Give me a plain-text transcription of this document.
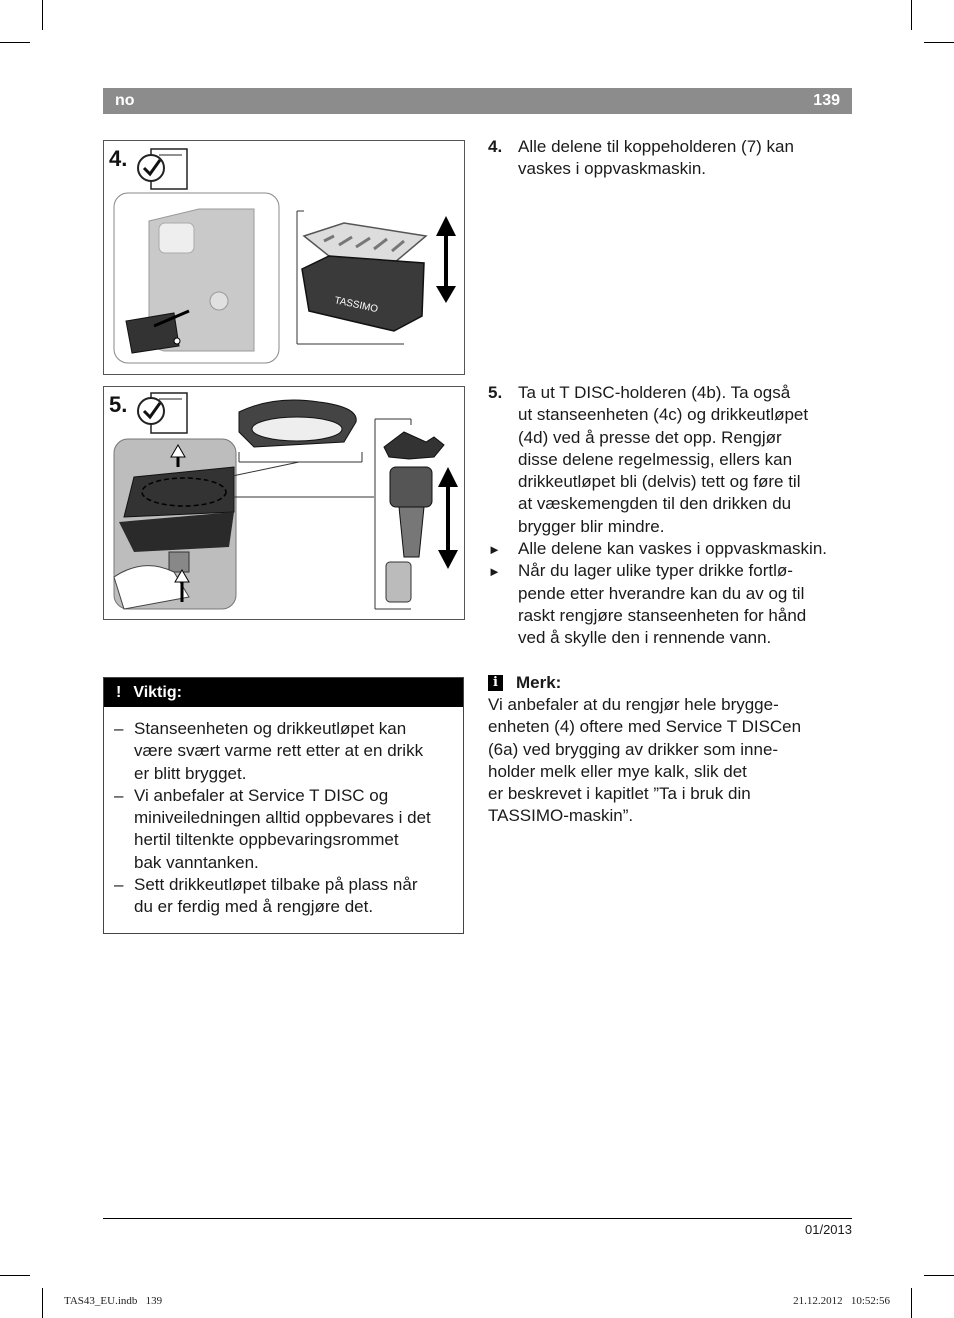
no	139
4.
TASSIMO
5.
4. Alle delene til koppeholderen (7) kan

vaskes i oppvaskmaskin.

5. Ta ut T DISC-holderen (4b). Ta også

ut stanseenheten (4c) og drikkeutløpet

(4d) ved å presse det opp. Rengjør

disse delene regelmessig, ellers kan

drikkeutløpet bli (delvis) tett og føre til

at væskemengden til den drikken du

brygger blir mindre.

► Alle delene kan vaskes i oppvaskmaskin.

► Når du lager ulike typer drikke fortlø-

pende etter hverandre kan du av og til

raskt rengjøre stanseenheten for hånd

ved å skylle den i rennende vann.

! Viktig:
– Stanseenheten og drikkeutløpet kan

være svært varme rett etter at en drikk

er blitt brygget.

– Vi anbefaler at Service T DISC og

miniveiledningen alltid oppbevares i det

hertil tiltenkte oppbevaringsrommet

bak vanntanken.

– Sett drikkeutløpet tilbake på plass når

du er ferdig med å rengjøre det.

i Merk:

Vi anbefaler at du rengjør hele brygge-

enheten (4) oftere med Service T DISCen

(6a) ved brygging av drikker som inne-

holder melk eller mye kalk, slik det

er beskrevet i kapitlet ”Ta i bruk din

TASSIMO-maskin”.

01/2013
TAS43_EU.indb   139	21.12.2012   10:52:56
